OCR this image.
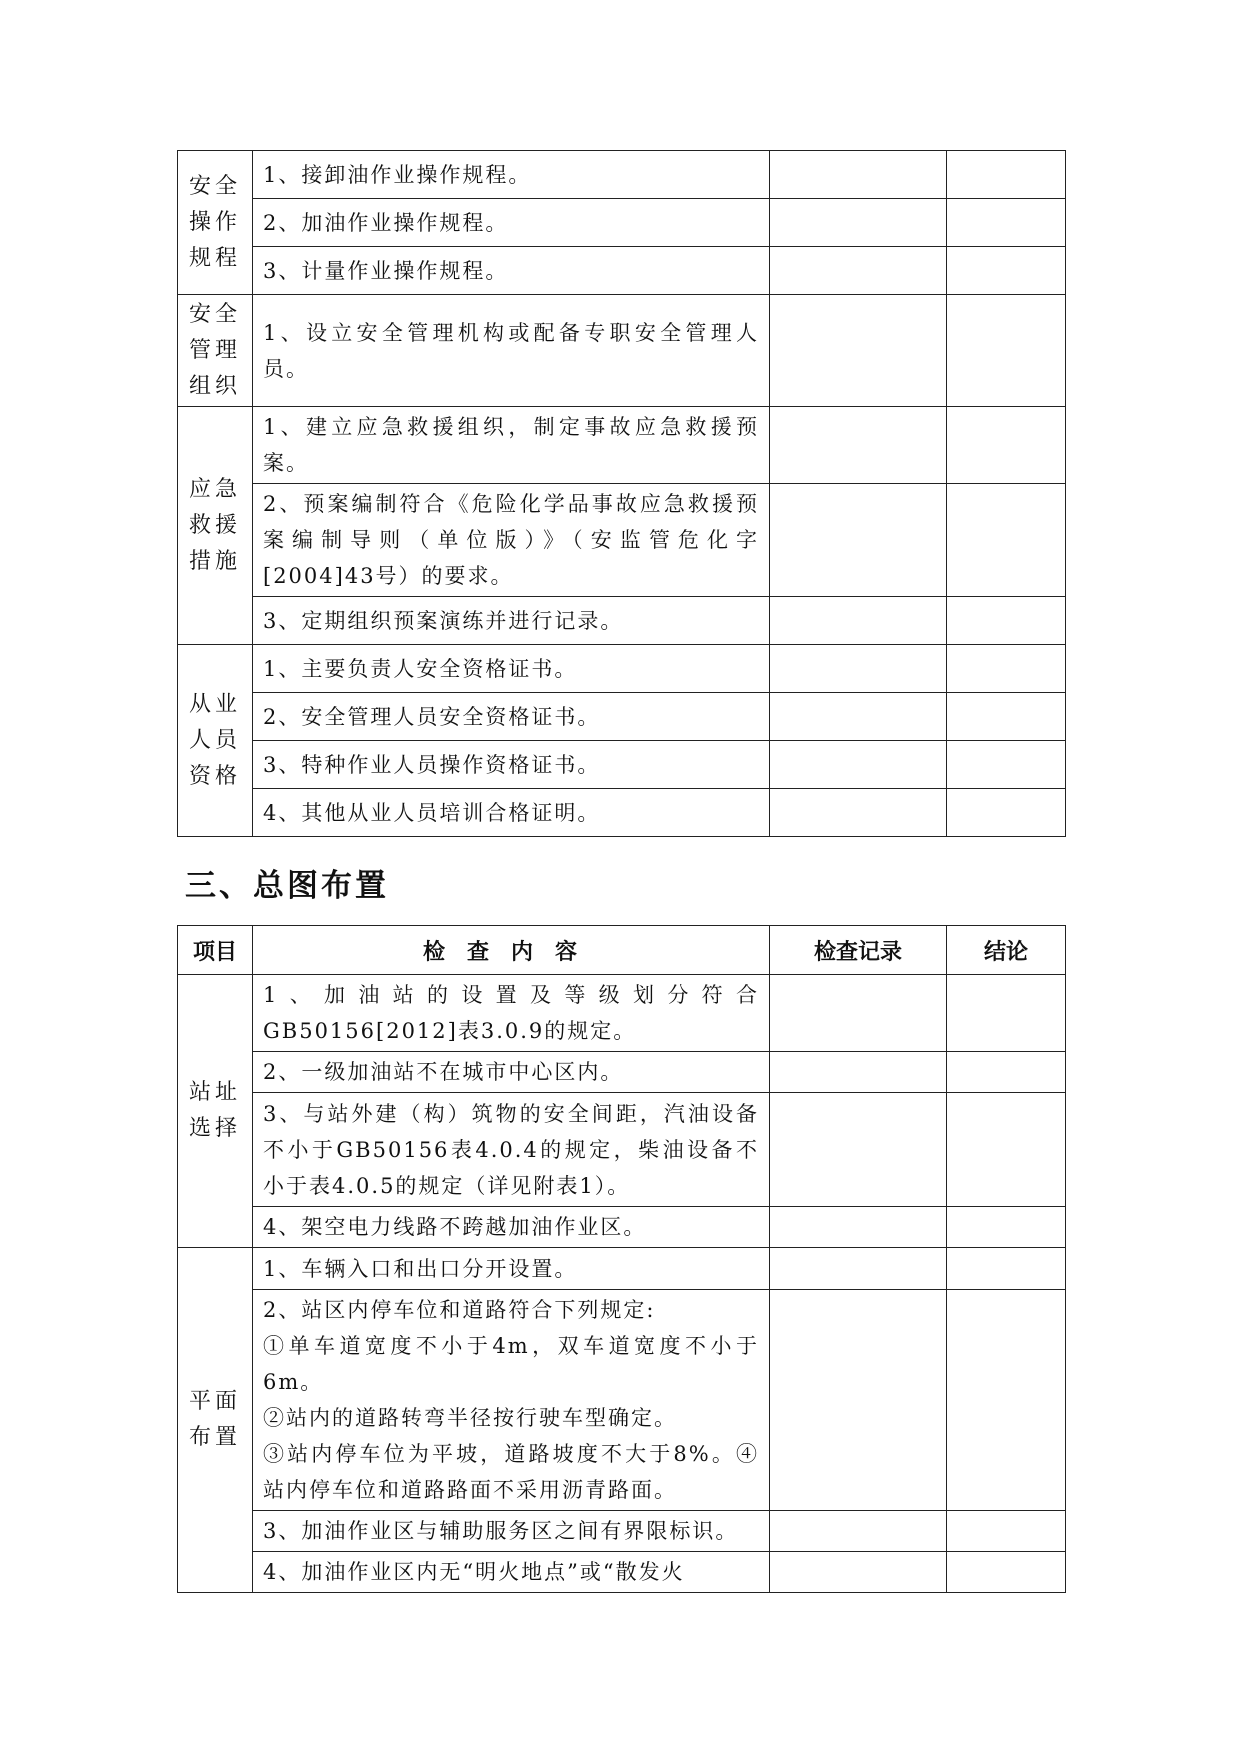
安全操作规程	1、接卸油作业操作规程。		
	2、加油作业操作规程。		
	3、计量作业操作规程。		
安全管理组织	1、设立安全管理机构或配备专职安全管理人员。		
应急救援措施	1、建立应急救援组织，制定事故应急救援预案。		
	2、预案编制符合《危险化学品事故应急救援预案编制导则（单位版）》（安监管危化字[2004]43号）的要求。		
	3、定期组织预案演练并进行记录。		
从业人员资格	1、主要负责人安全资格证书。		
	2、安全管理人员安全资格证书。		
	3、特种作业人员操作资格证书。		
	4、其他从业人员培训合格证明。		
三、总图布置
项目	检查内容	检查记录	结论
站址选择	1、加油站的设置及等级划分符合GB50156[2012]表3.0.9的规定。		
	2、一级加油站不在城市中心区内。		
	3、与站外建（构）筑物的安全间距，汽油设备不小于GB50156表4.0.4的规定，柴油设备不小于表4.0.5的规定（详见附表1）。		
	4、架空电力线路不跨越加油作业区。		
平面布置	1、车辆入口和出口分开设置。		

	2、站区内停车位和道路符合下列规定:
①单车道宽度不小于4m，双车道宽度不小于6m。
②站内的道路转弯半径按行驶车型确定。
③站内停车位为平坡，道路坡度不大于8%。④站内停车位和道路路面不采用沥青路面。		

	3、加油作业区与辅助服务区之间有界限标识。		
	4、加油作业区内无“明火地点”或“散发火		
